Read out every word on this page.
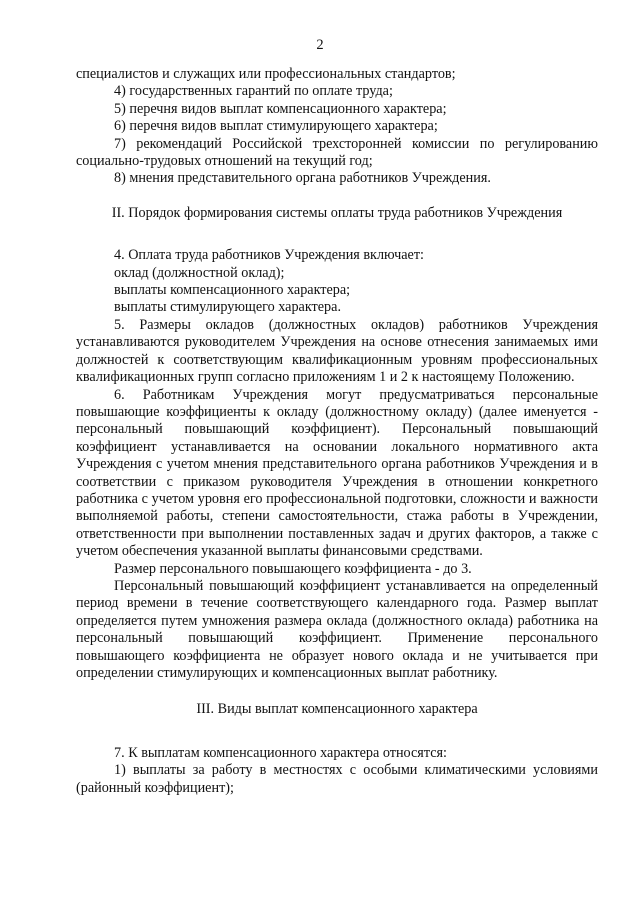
2

специалистов и служащих или профессиональных стандартов;

4) государственных гарантий по оплате труда;

5) перечня видов выплат компенсационного характера;

6) перечня видов выплат стимулирующего характера;

7) рекомендаций Российской трехсторонней комиссии по регулированию социально-трудовых отношений на текущий год;

8) мнения представительного органа работников Учреждения.

II. Порядок формирования системы оплаты труда работников Учреждения

4. Оплата труда работников Учреждения включает:

оклад (должностной оклад);

выплаты компенсационного характера;

выплаты стимулирующего характера.

5. Размеры окладов (должностных окладов) работников Учреждения устанавливаются руководителем Учреждения на основе отнесения занимаемых ими должностей к соответствующим квалификационным уровням профессиональных квалификационных групп согласно приложениям 1 и 2 к настоящему Положению.

6. Работникам Учреждения могут предусматриваться персональные повышающие коэффициенты к окладу (должностному окладу) (далее именуется - персональный повышающий коэффициент). Персональный повышающий коэффициент устанавливается на основании локального нормативного акта Учреждения с учетом мнения представительного органа работников Учреждения и в соответствии с приказом руководителя Учреждения в отношении конкретного работника с учетом уровня его профессиональной подготовки, сложности и важности выполняемой работы, степени самостоятельности, стажа работы в Учреждении, ответственности при выполнении поставленных задач и других факторов, а также с учетом обеспечения указанной выплаты финансовыми средствами.

Размер персонального повышающего коэффициента - до 3.

Персональный повышающий коэффициент устанавливается на определенный период времени в течение соответствующего календарного года. Размер выплат определяется путем умножения размера оклада (должностного оклада) работника на персональный повышающий коэффициент. Применение персонального повышающего коэффициента не образует нового оклада и не учитывается при определении стимулирующих и компенсационных выплат работнику.

III. Виды выплат компенсационного характера

7. К выплатам компенсационного характера относятся:

1) выплаты за работу в местностях с особыми климатическими условиями (районный коэффициент);
